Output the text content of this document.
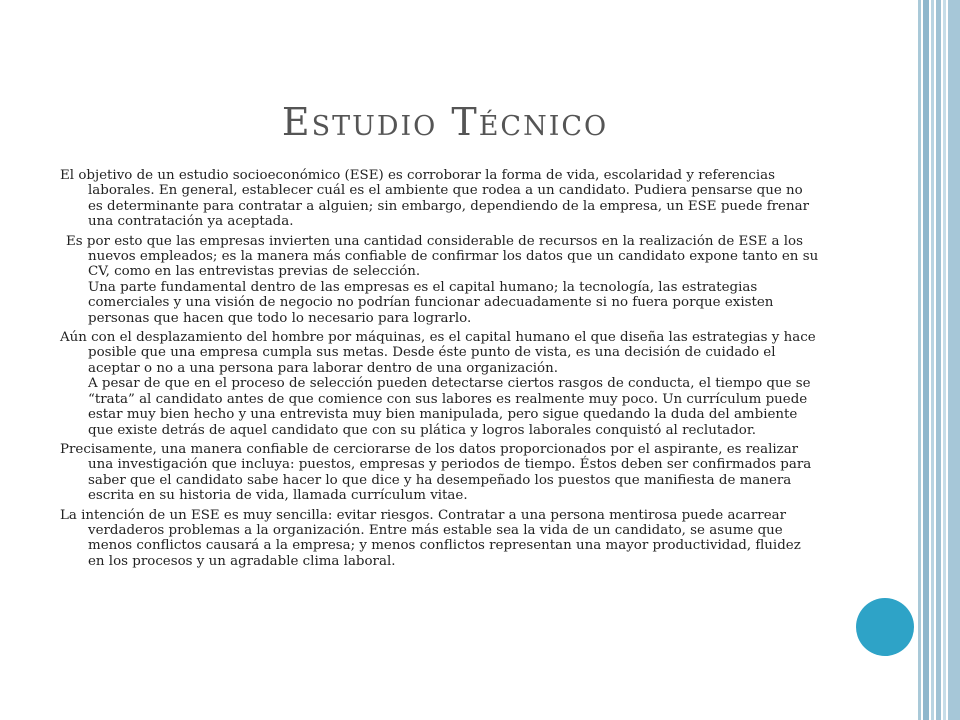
Estudio Técnico

El objetivo de un estudio socioeconómico (ESE) es corroborar la forma de vida, escolaridad y referencias laborales. En general, establecer cuál es el ambiente que rodea a un candidato. Pudiera pensarse que no es determinante para contratar a alguien; sin embargo, dependiendo de la empresa, un ESE puede frenar una contratación ya aceptada.

Es por esto que las empresas invierten una cantidad considerable de recursos en la realización de ESE a los nuevos empleados; es la manera más confiable de confirmar los datos que un candidato expone tanto en su CV, como en las entrevistas previas de selección.
Una parte fundamental dentro de las empresas es el capital humano; la tecnología, las estrategias comerciales y una visión de negocio no podrían funcionar adecuadamente si no fuera porque existen personas que hacen que todo lo necesario para lograrlo.

Aún con el desplazamiento del hombre por máquinas, es el capital humano el que diseña las estrategias y hace posible que una empresa cumpla sus metas. Desde éste punto de vista, es una decisión de cuidado el aceptar o no a una persona para laborar dentro de una organización.
A pesar de que en el proceso de selección pueden detectarse ciertos rasgos de conducta, el tiempo que se “trata” al candidato antes de que comience con sus labores es realmente muy poco. Un currículum puede estar muy bien hecho y una entrevista muy bien manipulada, pero sigue quedando la duda del ambiente que existe detrás de aquel candidato que con su plática y logros laborales conquistó al reclutador.

Precisamente, una manera confiable de cerciorarse de los datos proporcionados por el aspirante, es realizar una investigación que incluya: puestos, empresas y periodos de tiempo. Éstos deben ser confirmados para saber que el candidato sabe hacer lo que dice y ha desempeñado los puestos que manifiesta de manera escrita en su historia de vida, llamada currículum vitae.

La intención de un ESE es muy sencilla: evitar riesgos. Contratar a una persona mentirosa puede acarrear verdaderos problemas a la organización. Entre más estable sea la vida de un candidato, se asume que menos conflictos causará a la empresa; y menos conflictos representan una mayor productividad, fluidez en los procesos y un agradable clima laboral.
